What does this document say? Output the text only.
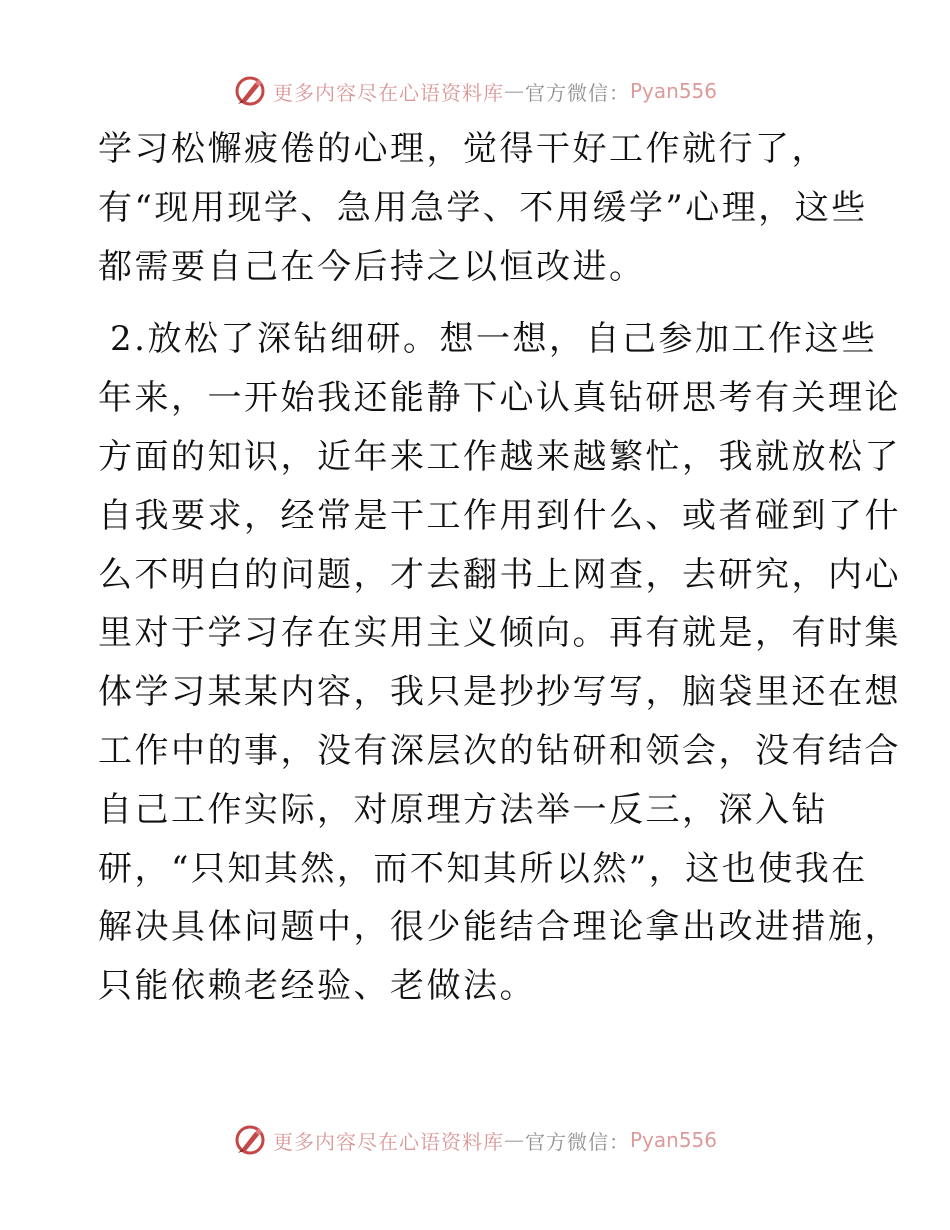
更多内容尽在心语资料库 — 官方微信： Pyan556
学习松懈疲倦的心理，觉得干好工作就行了，
有“现用现学、急用急学、不用缓学”心理，这些
都需要自己在今后持之以恒改进。
2.放松了深钻细研。想一想，自己参加工作这些
年来，一开始我还能静下心认真钻研思考有关理论
方面的知识，近年来工作越来越繁忙，我就放松了
自我要求，经常是干工作用到什么、或者碰到了什
么不明白的问题，才去翻书上网查，去研究，内心
里对于学习存在实用主义倾向。再有就是，有时集
体学习某某内容，我只是抄抄写写，脑袋里还在想
工作中的事，没有深层次的钻研和领会，没有结合
自己工作实际，对原理方法举一反三，深入钻
研，“只知其然，而不知其所以然”，这也使我在
解决具体问题中，很少能结合理论拿出改进措施，
只能依赖老经验、老做法。
更多内容尽在心语资料库 — 官方微信： Pyan556
